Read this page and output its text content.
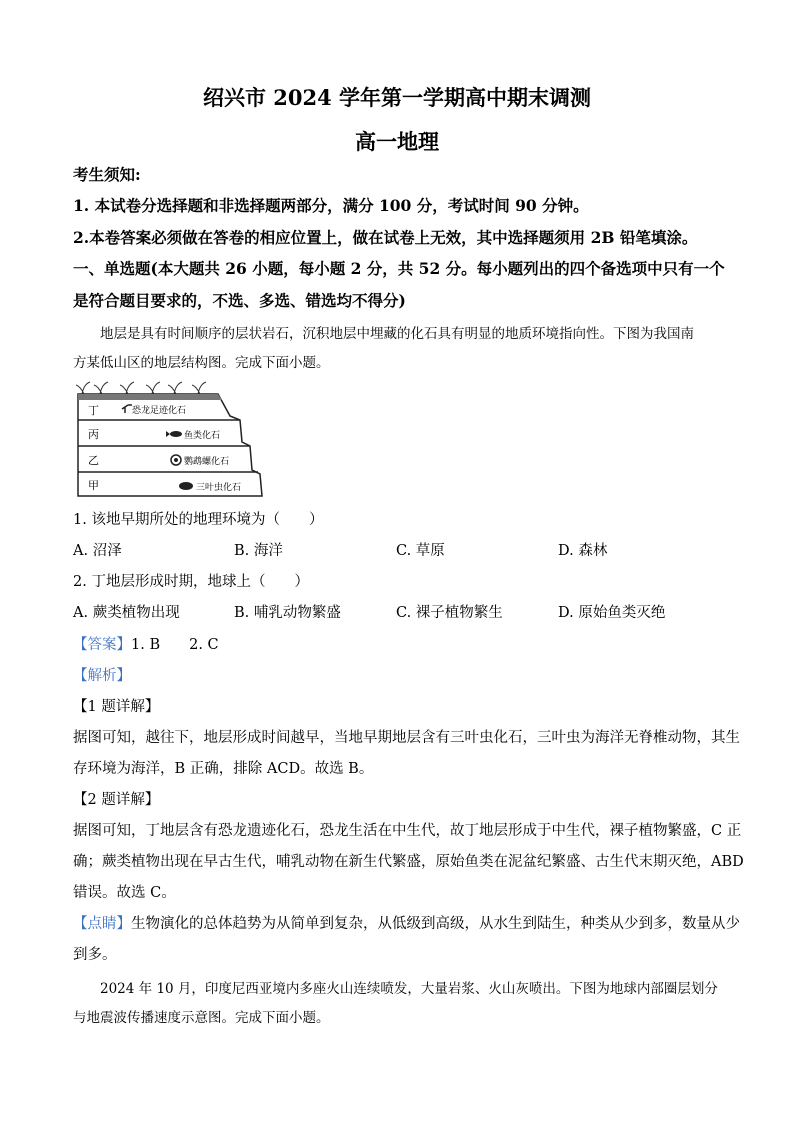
绍兴市 2024 学年第一学期高中期末调测
高一地理
考生须知:
1. 本试卷分选择题和非选择题两部分，满分 100 分，考试时间 90 分钟。
2.本卷答案必须做在答卷的相应位置上，做在试卷上无效，其中选择题须用 2B 铅笔填涂。
一、单选题(本大题共 26 小题，每小题 2 分，共 52 分。每小题列出的四个备选项中只有一个
是符合题目要求的，不选、多选、错选均不得分)
地层是具有时间顺序的层状岩石，沉积地层中埋藏的化石具有明显的地质环境指向性。下图为我国南
方某低山区的地层结构图。完成下面小题。
丁
丙
乙
甲
恐龙足迹化石
鱼类化石
鹦鹉螺化石
三叶虫化石
1. 该地早期所处的地理环境为（　　）
A. 沼泽	B. 海洋	C. 草原	D. 森林
2. 丁地层形成时期，地球上（　　）
A. 蕨类植物出现	B. 哺乳动物繁盛	C. 裸子植物繁生	D. 原始鱼类灭绝
【答案】1. B　　2. C
【解析】
【1 题详解】
据图可知，越往下，地层形成时间越早，当地早期地层含有三叶虫化石，三叶虫为海洋无脊椎动物，其生
存环境为海洋，B 正确，排除 ACD。故选 B。
【2 题详解】
据图可知，丁地层含有恐龙遗迹化石，恐龙生活在中生代，故丁地层形成于中生代，裸子植物繁盛，C 正
确；蕨类植物出现在早古生代，哺乳动物在新生代繁盛，原始鱼类在泥盆纪繁盛、古生代末期灭绝，ABD
错误。故选 C。
【点睛】生物演化的总体趋势为从简单到复杂，从低级到高级，从水生到陆生，种类从少到多，数量从少
到多。
2024 年 10 月，印度尼西亚境内多座火山连续喷发，大量岩浆、火山灰喷出。下图为地球内部圈层划分
与地震波传播速度示意图。完成下面小题。
